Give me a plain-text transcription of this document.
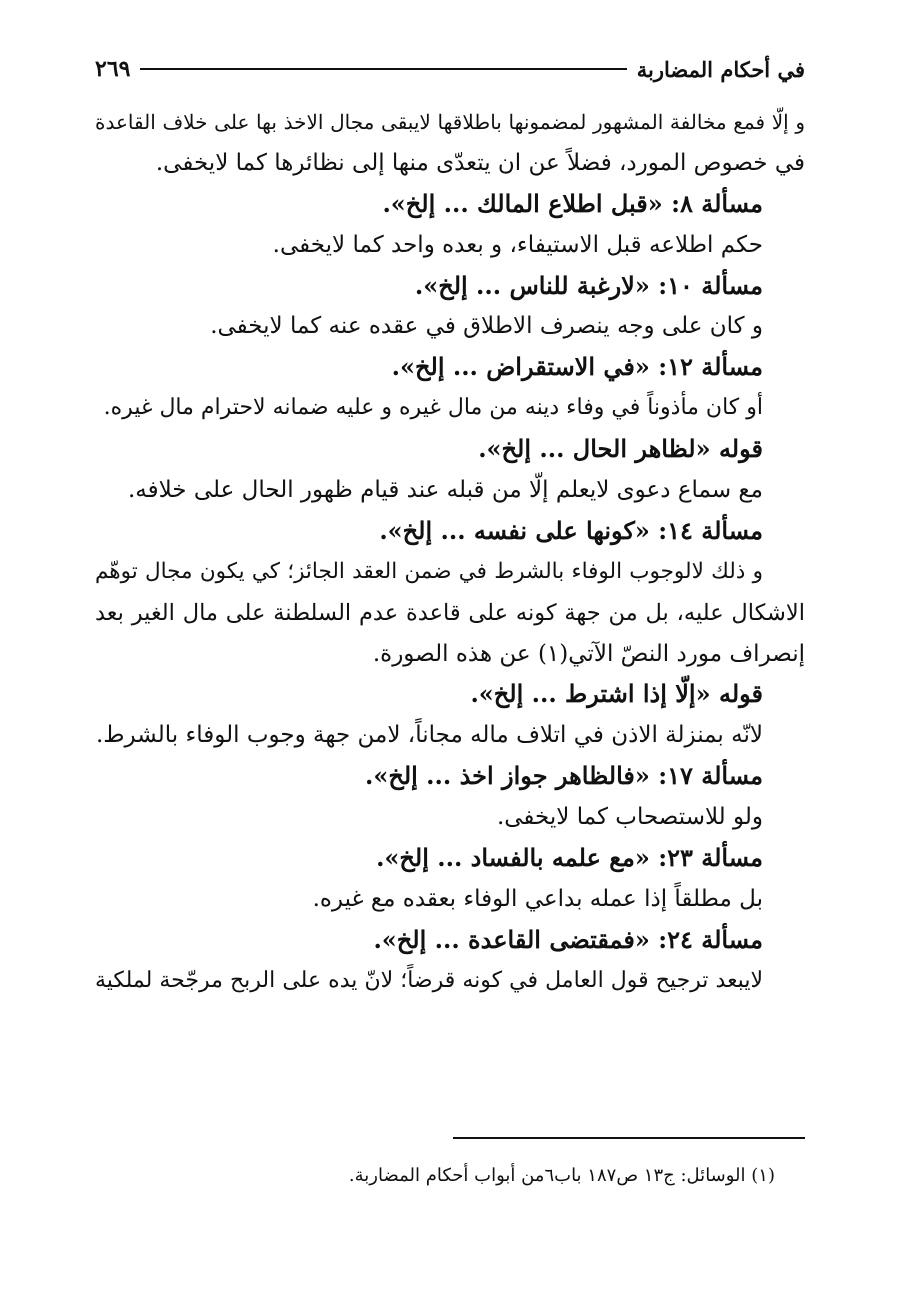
في أحكام المضاربة
٢٦٩
و إلّا فمع مخالفة المشهور لمضمونها باطلاقها لايبقى مجال الاخذ بها على خلاف القاعدة
في خصوص المورد، فضلاً عن ان يتعدّى منها إلى نظائرها كما لايخفى.
مسألة ٨: «قبل اطلاع المالك ... إلخ».
حكم اطلاعه قبل الاستيفاء، و بعده واحد كما لايخفى.
مسألة ١٠: «لارغبة للناس ... إلخ».
و كان على وجه ينصرف الاطلاق في عقده عنه كما لايخفى.
مسألة ١٢: «في الاستقراض ... إلخ».
أو كان مأذوناً في وفاء دينه من مال غيره و عليه ضمانه لاحترام مال غيره.
قوله «لظاهر الحال ... إلخ».
مع سماع دعوى لايعلم إلّا من قبله عند قيام ظهور الحال على خلافه.
مسألة ١٤: «كونها على نفسه ... إلخ».
و ذلك لالوجوب الوفاء بالشرط في ضمن العقد الجائز؛ كي يكون مجال توهّم
الاشكال عليه، بل من جهة كونه على قاعدة عدم السلطنة على مال الغير بعد
إنصراف مورد النصّ الآتي(١) عن هذه الصورة.
قوله «إلّا إذا اشترط ... إلخ».
لانّه بمنزلة الاذن في اتلاف ماله مجاناً، لامن جهة وجوب الوفاء بالشرط.
مسألة ١٧: «فالظاهر جواز اخذ ... إلخ».
ولو للاستصحاب كما لايخفى.
مسألة ٢٣: «مع علمه بالفساد ... إلخ».
بل مطلقاً إذا عمله بداعي الوفاء بعقده مع غيره.
مسألة ٢٤: «فمقتضى القاعدة ... إلخ».
لايبعد ترجيح قول العامل في كونه قرضاً؛ لانّ يده على الربح مرجّحة لملكية
(١) الوسائل: ج١٣ ص١٨٧ باب٦من أبواب أحكام المضاربة.
